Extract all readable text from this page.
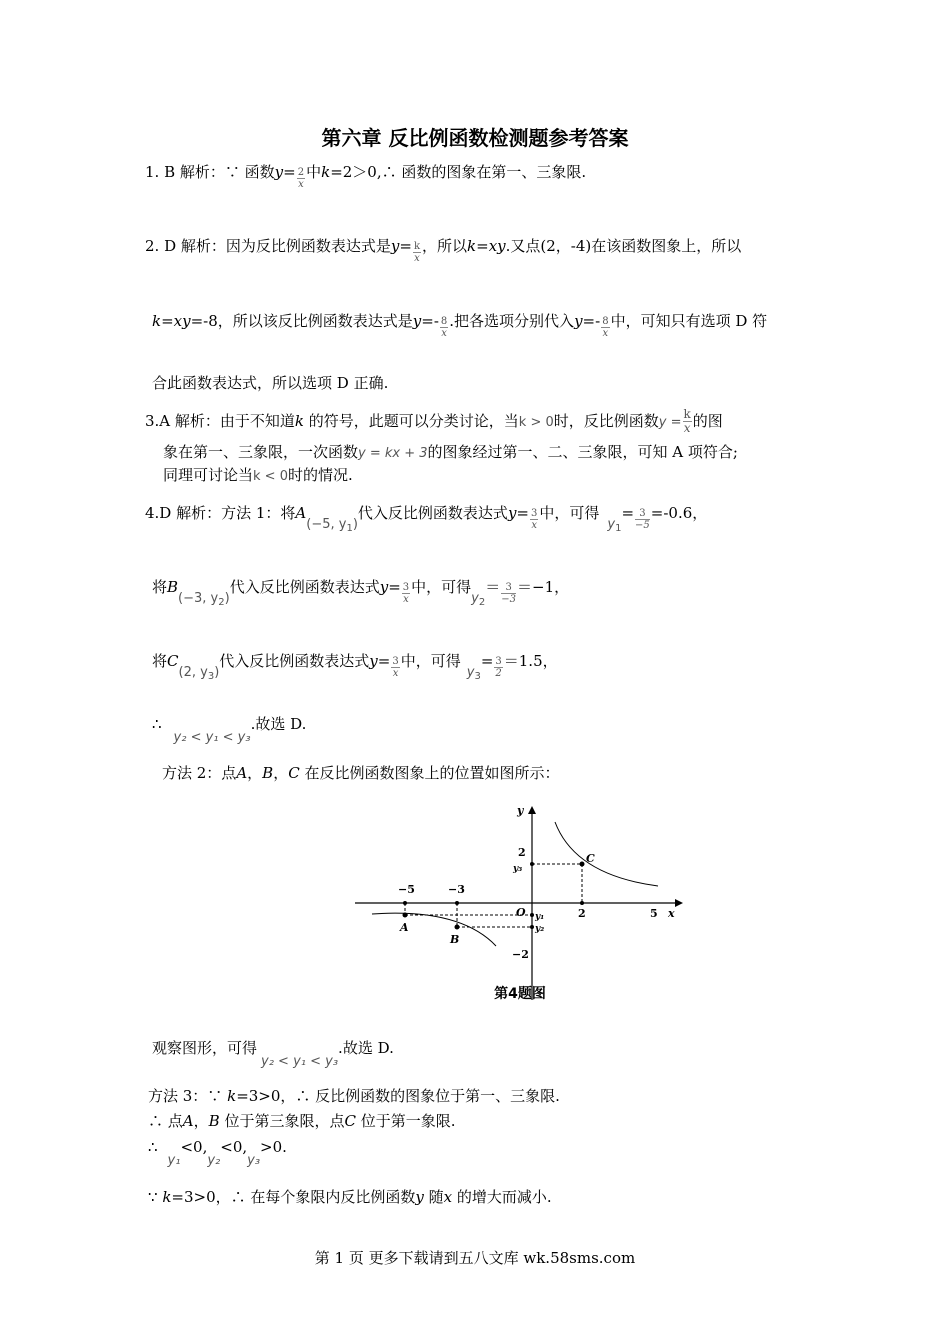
第六章 反比例函数检测题参考答案
1. B 解析：∵ 函数$y= \frac{2}{x}$ 中k=2＞0,∴ 函数的图象在第一、三象限.
2. D 解析：因为反比例函数表达式是$y= \frac{k}{x}$ ，所以k=xy.又点(2，-4)在该函数图象上，所以
k=xy=-8，所以该反比例函数表达式是$y=- \frac{8}{x}$ .把各选项分别代入$y=- \frac{8}{x}$ 中，可知只有选项 D 符
合此函数表达式，所以选项 D 正确.
3.A 解析：由于不知道k 的符号，此题可以分类讨论，当k > 0时，反比例函数$y = \frac{k}{x}$ 的图
象在第一、三象限，一次函数y = kx + 3的图象经过第一、二、三象限，可知 A 项符合;
同理可讨论当k < 0时的情况.
4.D 解析：方法 1：将A(−5, $y_1$)代入反比例函数表达式$y= \frac{3}{x}$ 中，可得$y_1= \frac{3}{-5} =-0.6$，
将B(−3, $y_2$)代入反比例函数表达式$y= \frac{3}{x}$ 中，可得$y_2= \frac{3}{-3} =-1$，
将C(2, $y_3$)代入反比例函数表达式$y= \frac{3}{x}$ 中，可得$y_3= \frac{3}{2} =1.5$，
∴y₂ < y₁ < y₃.故选 D.
方法 2：点A，B，C 在反比例函数图象上的位置如图所示：
y
x
O
2
y₃
−2
y₁
y₂
−5	−3
2	5
A
B
C
第4题图
观察图形，可得y₂ < y₁ < y₃.故选 D.
方法 3：∵ k=3>0，∴ 反比例函数的图象位于第一、三象限.
∴ 点A，B 位于第三象限，点C 位于第一象限.
∴y₁<0,y₂<0,y₃>0.
∵ k=3>0，∴ 在每个象限内反比例函数y 随x 的增大而减小.
第 1 页 更多下载请到五八文库 wk.58sms.com
